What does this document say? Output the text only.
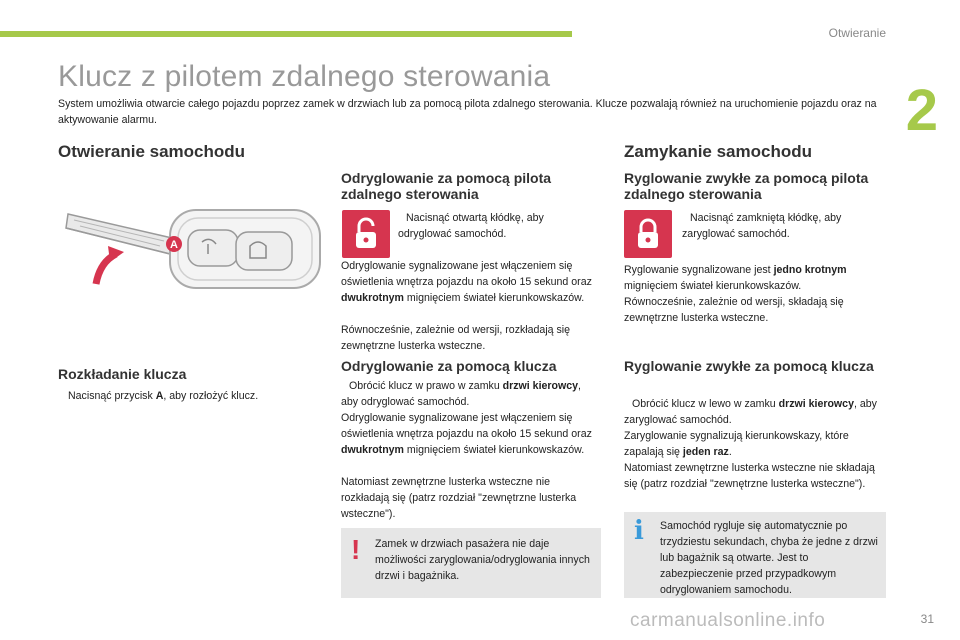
Otwieranie
2
Klucz z pilotem zdalnego sterowania

System umożliwia otwarcie całego pojazdu poprzez zamek w drzwiach lub za pomocą pilota zdalnego sterowania. Klucze pozwalają również na uruchomienie pojazdu oraz na aktywowanie alarmu.

Otwieranie samochodu
A
Rozkładanie klucza

Nacisnąć przycisk A, aby rozłożyć klucz.

Odryglowanie za pomocą pilota zdalnego sterowania

Nacisnąć otwartą kłódkę, aby odryglować samochód.

Odryglowanie sygnalizowane jest włączeniem się oświetlenia wnętrza pojazdu na około 15 sekund oraz dwukrotnym mignięciem świateł kierunkowskazów.

Równocześnie, zależnie od wersji, rozkładają się zewnętrzne lusterka wsteczne.

Odryglowanie za pomocą klucza

Obrócić klucz w prawo w zamku drzwi kierowcy, aby odryglować samochód.

Odryglowanie sygnalizowane jest włączeniem się oświetlenia wnętrza pojazdu na około 15 sekund oraz dwukrotnym mignięciem świateł kierunkowskazów.

Natomiast zewnętrzne lusterka wsteczne nie rozkładają się (patrz rozdział "zewnętrzne lusterka wsteczne").

! Zamek w drzwiach pasażera nie daje możliwości zaryglowania/odryglowania innych drzwi i bagażnika.

Zamykanie samochodu
Ryglowanie zwykłe za pomocą pilota zdalnego sterowania

Nacisnąć zamkniętą kłódkę, aby zaryglować samochód.

Ryglowanie sygnalizowane jest jedno krotnym mignięciem świateł kierunkowskazów.

Równocześnie, zależnie od wersji, składają się zewnętrzne lusterka wsteczne.

Ryglowanie zwykłe za pomocą klucza

Obrócić klucz w lewo w zamku drzwi kierowcy, aby zaryglować samochód.

Zaryglowanie sygnalizują kierunkowskazy, które zapalają się jeden raz.

Natomiast zewnętrzne lusterka wsteczne nie składają się (patrz rozdział "zewnętrzne lusterka wsteczne").

i Samochód rygluje się automatycznie po trzydziestu sekundach, chyba że jedne z drzwi lub bagażnik są otwarte. Jest to zabezpieczenie przed przypadkowym odryglowaniem samochodu.

carmanualsonline.info	31
